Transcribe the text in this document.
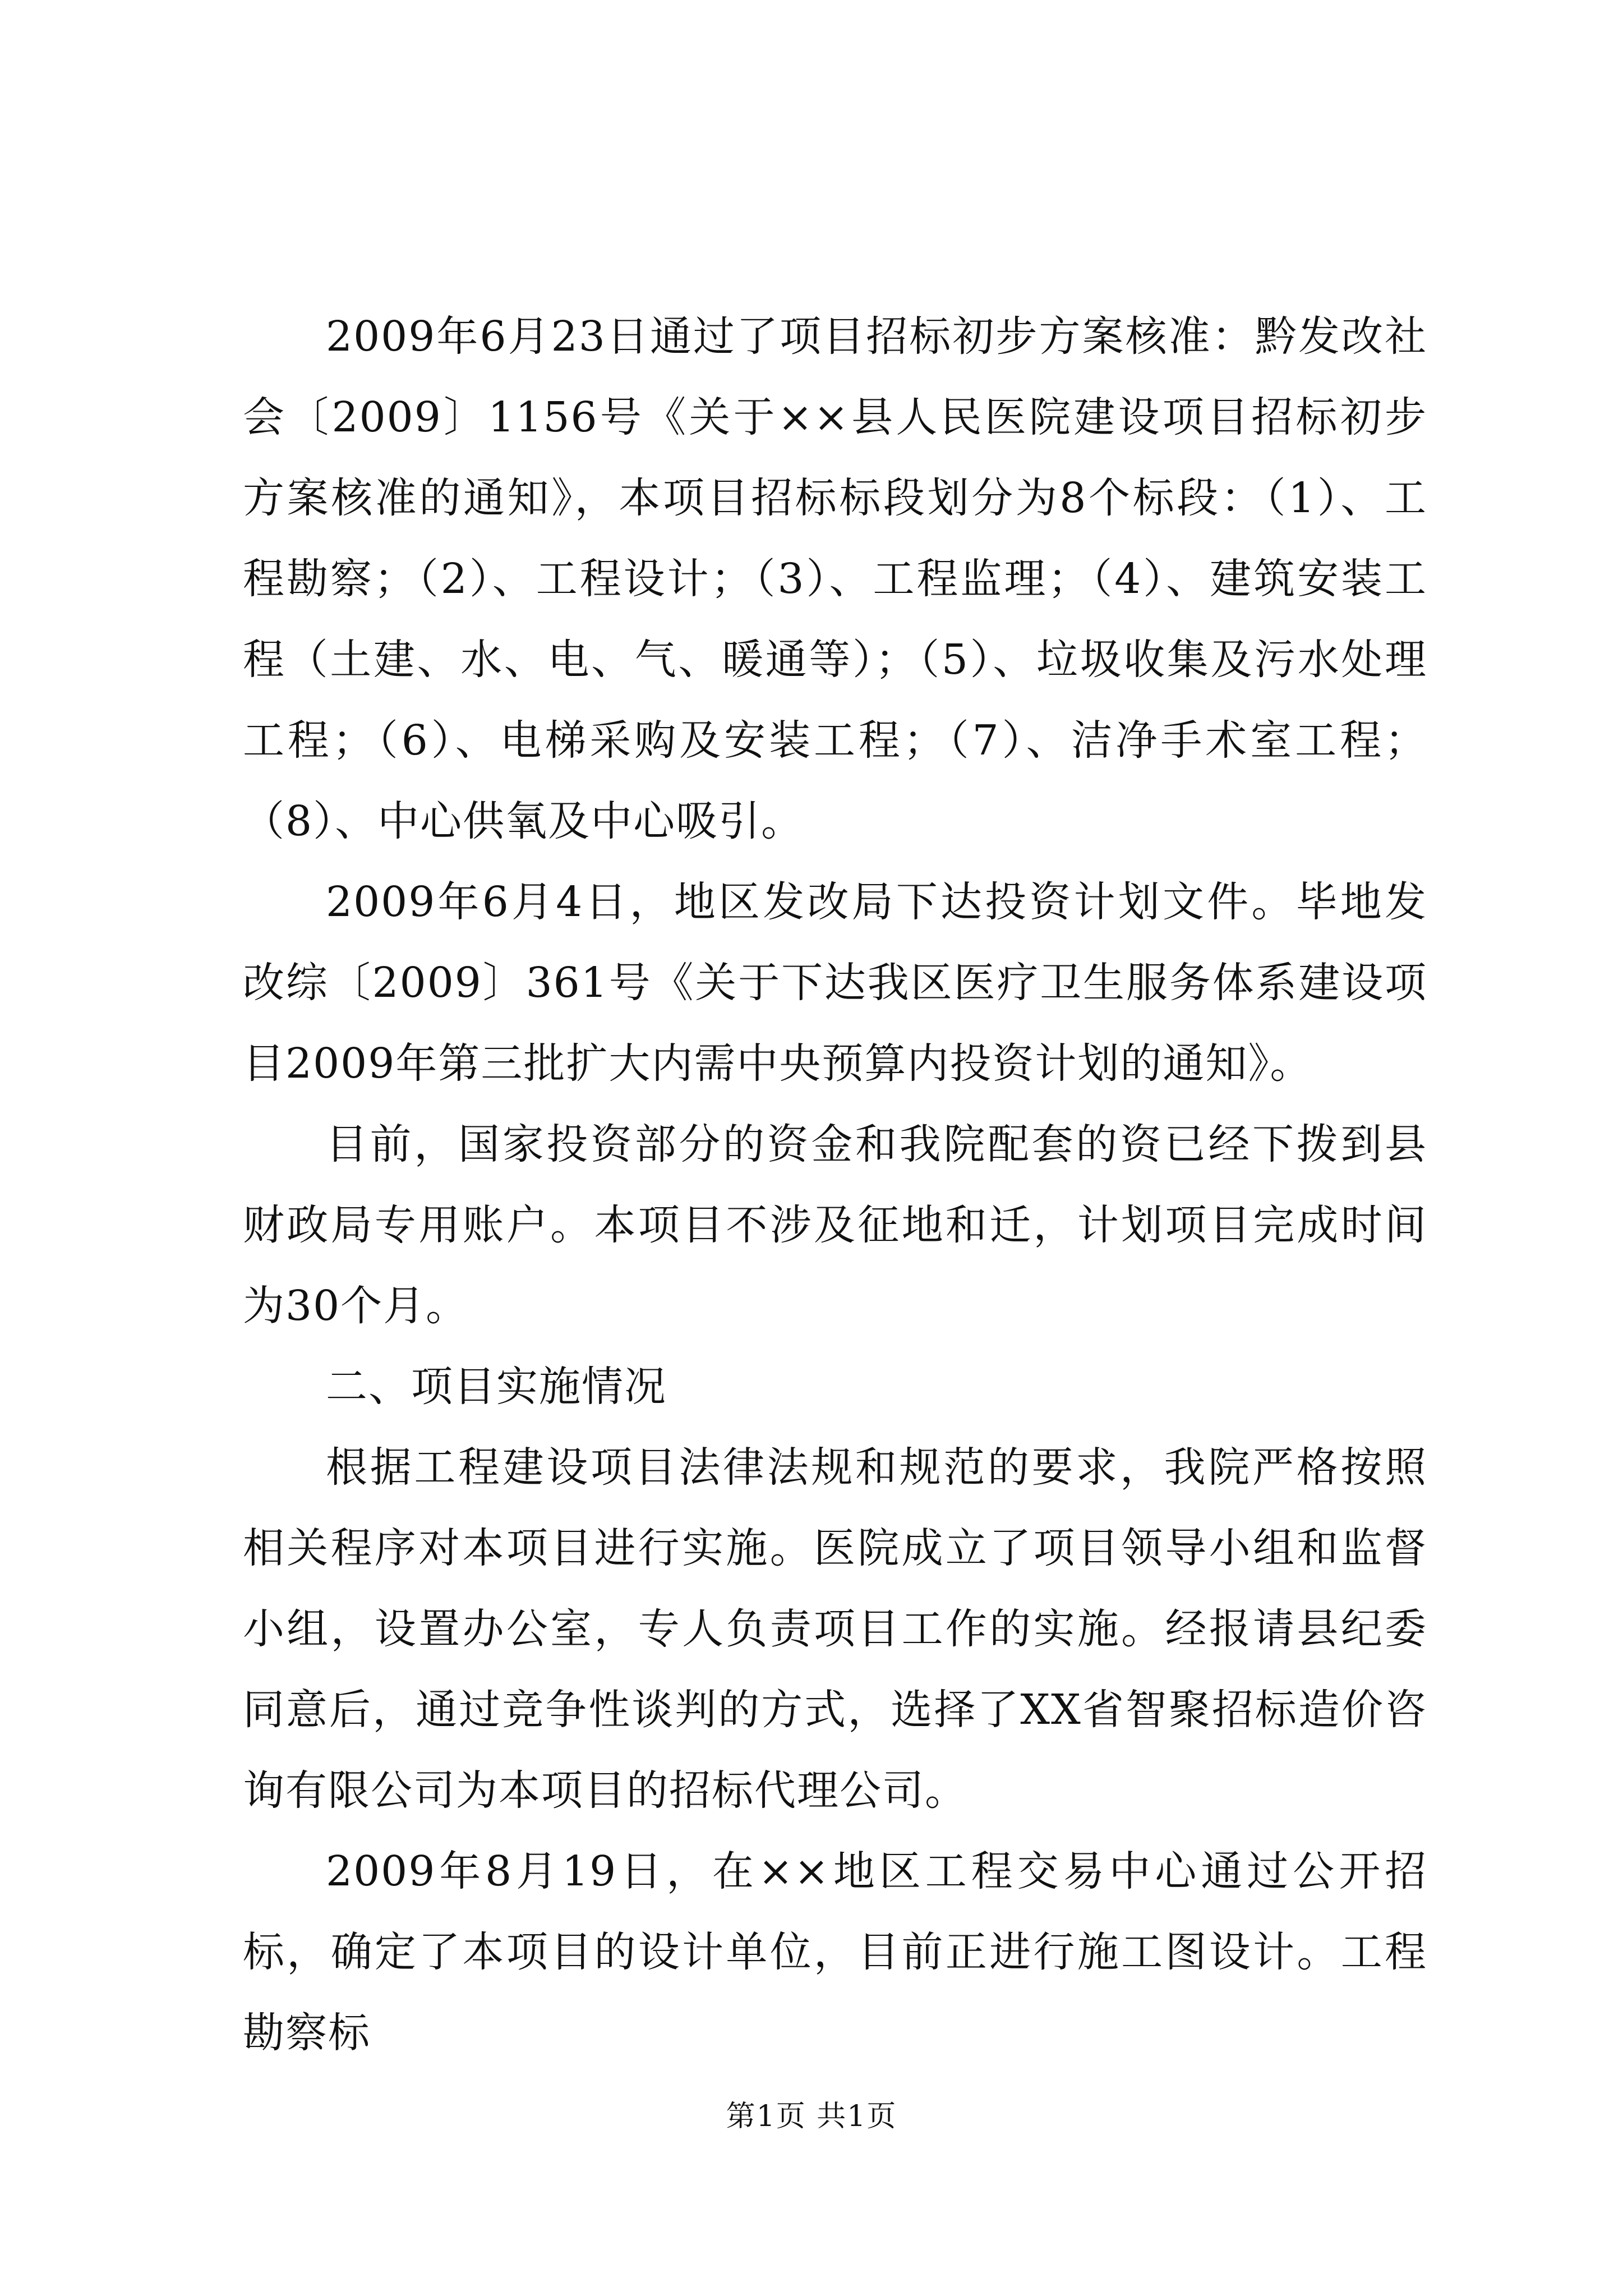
2009年6月23日通过了项目招标初步方案核准：黔发改社会〔2009〕1156号《关于××县人民医院建设项目招标初步方案核准的通知》，本项目招标标段划分为8个标段：（1）、工程勘察；（2）、工程设计；（3）、工程监理；（4）、建筑安装工程（土建、水、电、气、暖通等）；（5）、垃圾收集及污水处理工程；（6）、电梯采购及安装工程；（7）、洁净手术室工程；（8）、中心供氧及中心吸引。

2009年6月4日，地区发改局下达投资计划文件。毕地发改综〔2009〕361号《关于下达我区医疗卫生服务体系建设项目2009年第三批扩大内需中央预算内投资计划的通知》。

目前，国家投资部分的资金和我院配套的资已经下拨到县财政局专用账户。本项目不涉及征地和迁，计划项目完成时间为30个月。

二、项目实施情况

根据工程建设项目法律法规和规范的要求，我院严格按照相关程序对本项目进行实施。医院成立了项目领导小组和监督小组，设置办公室，专人负责项目工作的实施。经报请县纪委同意后，通过竞争性谈判的方式，选择了XX省智聚招标造价咨询有限公司为本项目的招标代理公司。

2009年8月19日，在××地区工程交易中心通过公开招标，确定了本项目的设计单位，目前正进行施工图设计。工程勘察标

第1页 共1页
